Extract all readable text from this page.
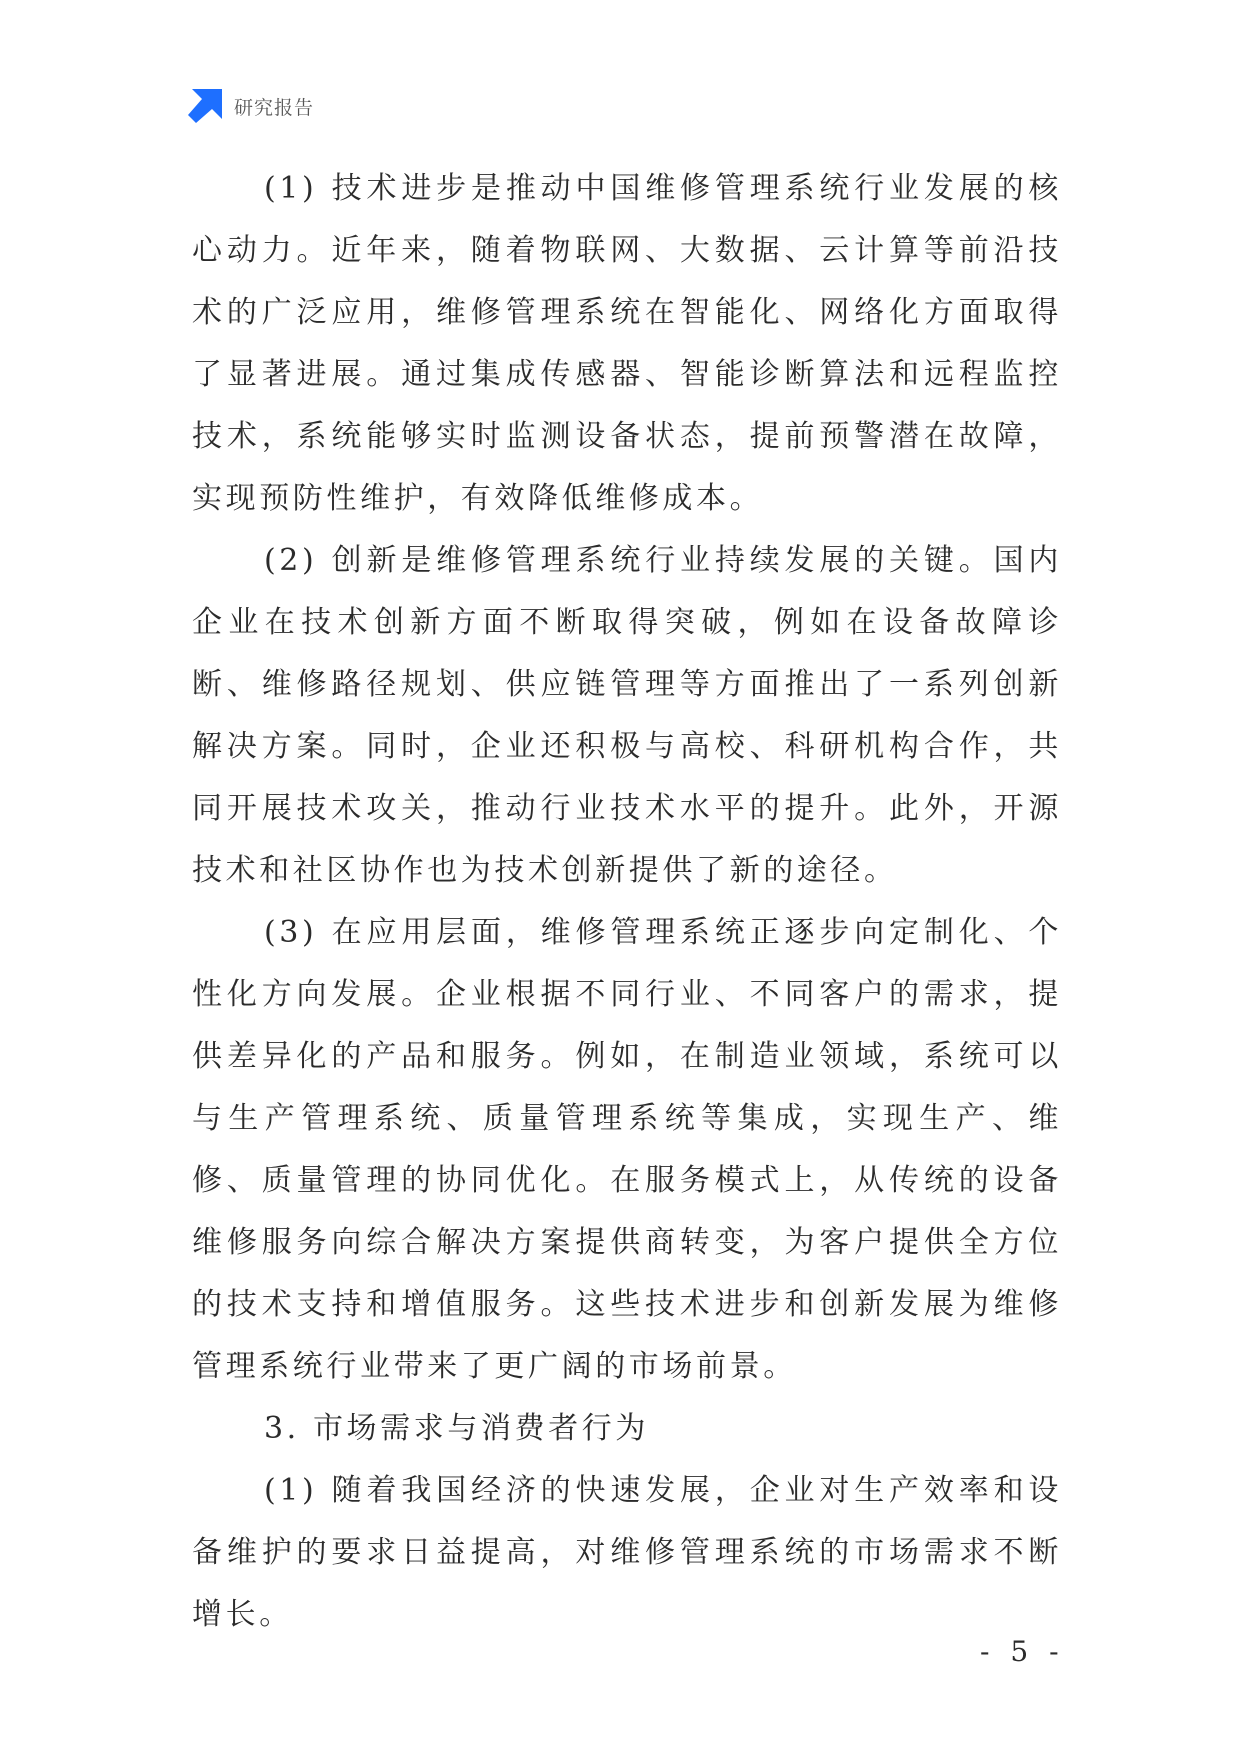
研究报告

(1) 技术进步是推动中国维修管理系统行业发展的核心动力。近年来，随着物联网、大数据、云计算等前沿技术的广泛应用，维修管理系统在智能化、网络化方面取得了显著进展。通过集成传感器、智能诊断算法和远程监控技术，系统能够实时监测设备状态，提前预警潜在故障，实现预防性维护，有效降低维修成本。

(2) 创新是维修管理系统行业持续发展的关键。国内企业在技术创新方面不断取得突破，例如在设备故障诊断、维修路径规划、供应链管理等方面推出了一系列创新解决方案。同时，企业还积极与高校、科研机构合作，共同开展技术攻关，推动行业技术水平的提升。此外，开源技术和社区协作也为技术创新提供了新的途径。

(3) 在应用层面，维修管理系统正逐步向定制化、个性化方向发展。企业根据不同行业、不同客户的需求，提供差异化的产品和服务。例如，在制造业领域，系统可以与生产管理系统、质量管理系统等集成，实现生产、维修、质量管理的协同优化。在服务模式上，从传统的设备维修服务向综合解决方案提供商转变，为客户提供全方位的技术支持和增值服务。这些技术进步和创新发展为维修管理系统行业带来了更广阔的市场前景。

3. 市场需求与消费者行为

(1) 随着我国经济的快速发展，企业对生产效率和设备维护的要求日益提高，对维修管理系统的市场需求不断增长。

- 5 -
